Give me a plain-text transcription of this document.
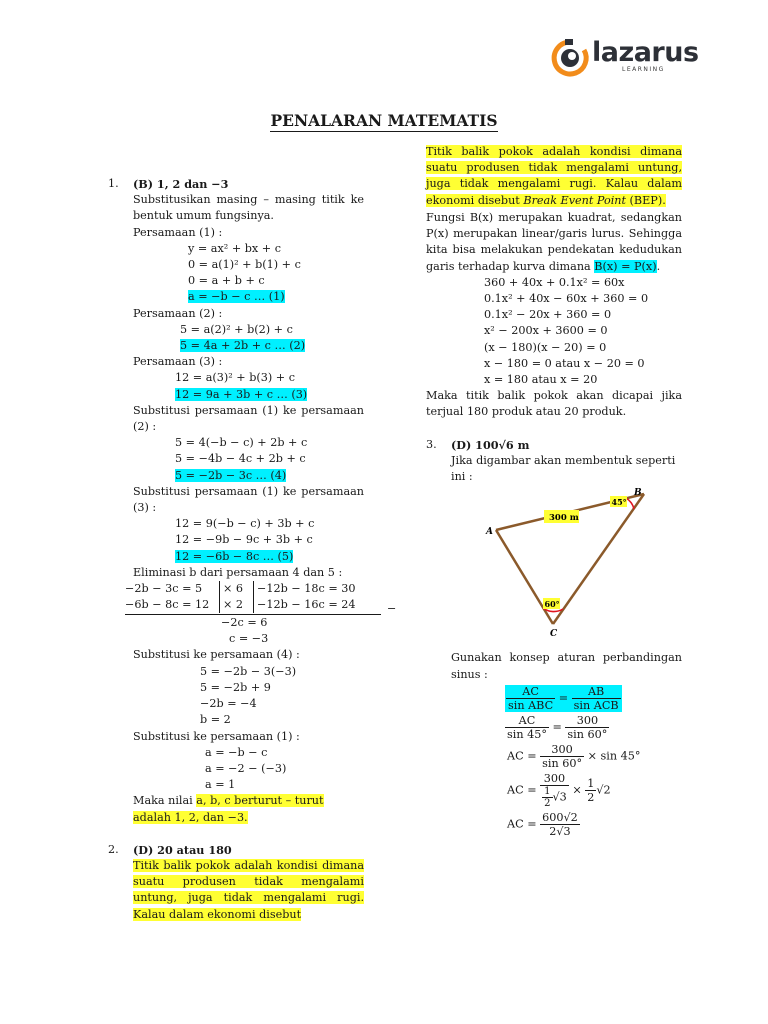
lazarus
LEARNING
PENALARAN MATEMATIS
1. (B) 1, 2 dan −3
Substitusikan masing – masing titik ke bentuk umum fungsinya.
Persamaan (1) :
y = ax² + bx + c
0 = a(1)² + b(1) + c
0 = a + b + c
a = −b − c … (1)
Persamaan (2) :
5 = a(2)² + b(2) + c
5 = 4a + 2b + c … (2)
Persamaan (3) :
12 = a(3)² + b(3) + c
12 = 9a + 3b + c … (3)
Substitusi persamaan (1) ke persamaan (2) :
5 = 4(−b − c) + 2b + c
5 = −4b − 4c + 2b + c
5 = −2b − 3c … (4)
Substitusi persamaan (1) ke persamaan (3) :
12 = 9(−b − c) + 3b + c
12 = −9b − 9c + 3b + c
12 = −6b − 8c … (5)
Eliminasi b dari persamaan 4 dan 5 :
−2b − 3c = 5	× 6	−12b − 18c = 30
−6b − 8c = 12	× 2	−12b − 16c = 24	−
−2c = 6
c = −3
Substitusi ke persamaan (4) :
5 = −2b − 3(−3)
5 = −2b + 9
−2b = −4
b = 2
Substitusi ke persamaan (1) :
a = −b − c
a = −2 − (−3)
a = 1
Maka nilai a, b, c berturut – turut adalah 1, 2, dan −3.
2. (D) 20 atau 180
Titik balik pokok adalah kondisi dimana suatu produsen tidak mengalami untung, juga tidak mengalami rugi. Kalau dalam ekonomi disebut
Titik balik pokok adalah kondisi dimana suatu produsen tidak mengalami untung, juga tidak mengalami rugi. Kalau dalam ekonomi disebut Break Event Point (BEP).
Fungsi B(x) merupakan kuadrat, sedangkan P(x) merupakan linear/garis lurus. Sehingga kita bisa melakukan pendekatan kedudukan garis terhadap kurva dimana B(x) = P(x).
360 + 40x + 0.1x² = 60x
0.1x² + 40x − 60x + 360 = 0
0.1x² − 20x + 360 = 0
x² − 200x + 3600 = 0
(x − 180)(x − 20) = 0
x − 180 = 0 atau x − 20 = 0
x = 180 atau x = 20
Maka titik balik pokok akan dicapai jika terjual 180 produk atau 20 produk.
3. (D) 100√6 m
Jika digambar akan membentuk seperti ini :
300 m
45°
60°
A
B
C
Gunakan konsep aturan perbandingan sinus :
$\frac{AC}{\text{sin ABC}} = \frac{AB}{\text{sin ACB}}$
$\frac{AC}{\sin 45^\circ} = \frac{300}{\sin 60^\circ}$
AC = $\frac{300}{\sin 60^\circ} \times \sin 45^\circ$
AC = $\frac{300}{\frac{1}{2} √3} \times \frac{1}{2} √2$
AC = $\frac{600√2}{2√3}$
